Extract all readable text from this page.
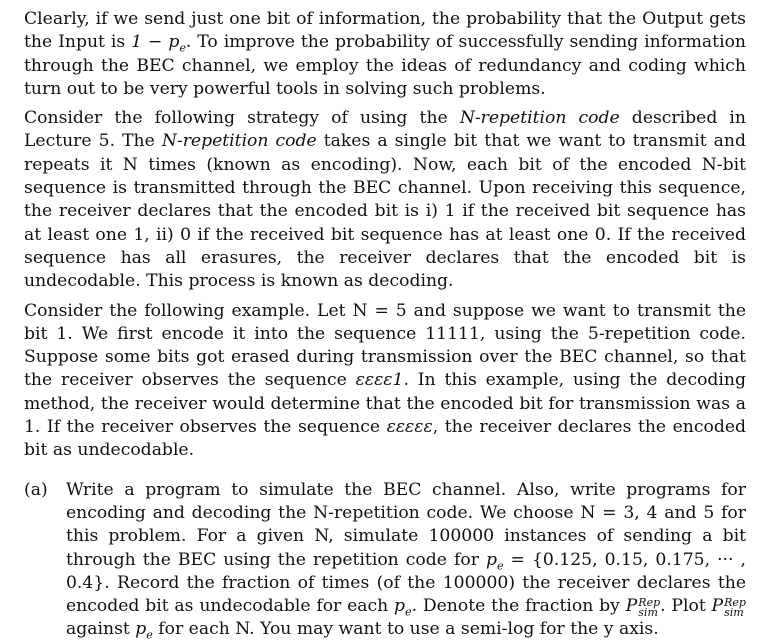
Clearly, if we send just one bit of information, the probability that the Output gets the Input is $1 - p_e$. To improve the probability of successfully sending information through the BEC channel, we employ the ideas of redundancy and coding which turn out to be very powerful tools in solving such problems.

Consider the following strategy of using the N-repetition code described in Lecture 5. The N-repetition code takes a single bit that we want to transmit and repeats it N times (known as encoding). Now, each bit of the encoded N-bit sequence is transmitted through the BEC channel. Upon receiving this sequence, the receiver declares that the encoded bit is i) 1 if the received bit sequence has at least one 1, ii) 0 if the received bit sequence has at least one 0. If the received sequence has all erasures, the receiver declares that the encoded bit is undecodable. This process is known as decoding.

Consider the following example. Let N = 5 and suppose we want to transmit the bit 1. We first encode it into the sequence 11111, using the 5-repetition code. Suppose some bits got erased during transmission over the BEC channel, so that the receiver observes the sequence εεεε1. In this example, using the decoding method, the receiver would determine that the encoded bit for transmission was a 1. If the receiver observes the sequence εεεεε, the receiver declares the encoded bit as undecodable.

(a)	Write a program to simulate the BEC channel. Also, write programs for encoding and decoding the N-repetition code. We choose N = 3, 4 and 5 for this problem. For a given N, simulate 100000 instances of sending a bit through the BEC using the repetition code for $p_e = \{0.125$, 0.15, 0.175, ··· , 0.4}. Record the fraction of times (of the 100000) the receiver declares the encoded bit as undecodable for each $p_e$. Denote the fraction by P Rep
sim . Plot P Rep
sim
against $p_e$ for each N. You may want to use a semi-log for the y axis.
